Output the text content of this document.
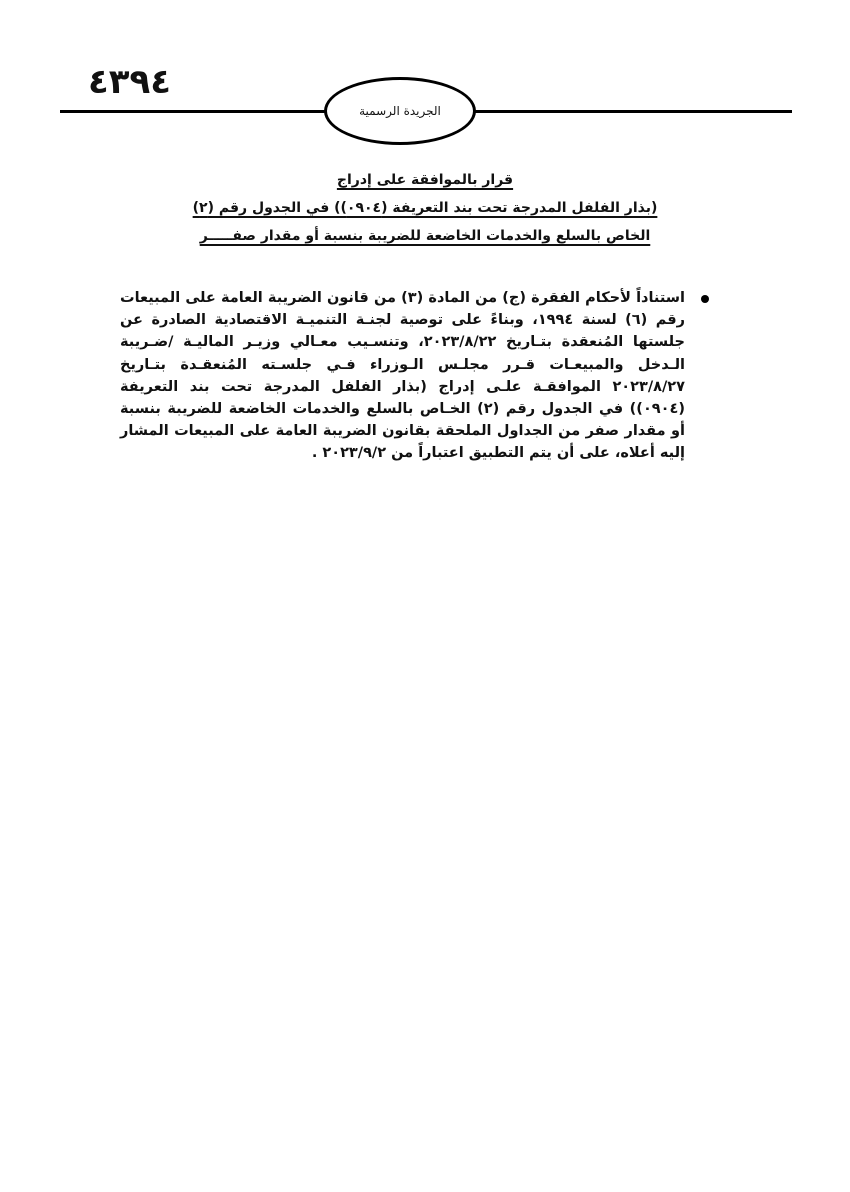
٤٣٩٤
الجريدة الرسمية
قرار بالموافقة على إدراج
(بذار الفلفل المدرجة تحت بند التعريفة (٠٩٠٤)) في الجدول رقم (٢)
الخاص بالسلع والخدمات الخاضعة للضريبة بنسبة أو مقدار صفـــــر
استناداً لأحكام الفقرة (ج) من المادة (٣) من قانون الضريبة العامة على المبيعات رقم (٦) لسنة ١٩٩٤، وبناءً على توصية لجنـة التنميـة الاقتصادية الصادرة عن جلستها المُنعقدة بتـاريخ ٢٠٢٣/٨/٢٢، وتنسـيب معـالي وزيـر الماليـة /ضـريبة الـدخل والمبيعـات قـرر مجلـس الـوزراء فـي جلسـته المُنعقـدة بتـاريخ ٢٠٢٣/٨/٢٧ الموافقـة علـى إدراج (بذار الفلفل المدرجة تحت بند التعريفة (٠٩٠٤)) في الجدول رقم (٢) الخـاص بالسلع والخدمات الخاضعة للضريبة بنسبة أو مقدار صفر من الجداول الملحقة بقانون الضريبة العامة على المبيعات المشار إليه أعلاه، على أن يتم التطبيق اعتباراً من ٢٠٢٣/٩/٢ .
